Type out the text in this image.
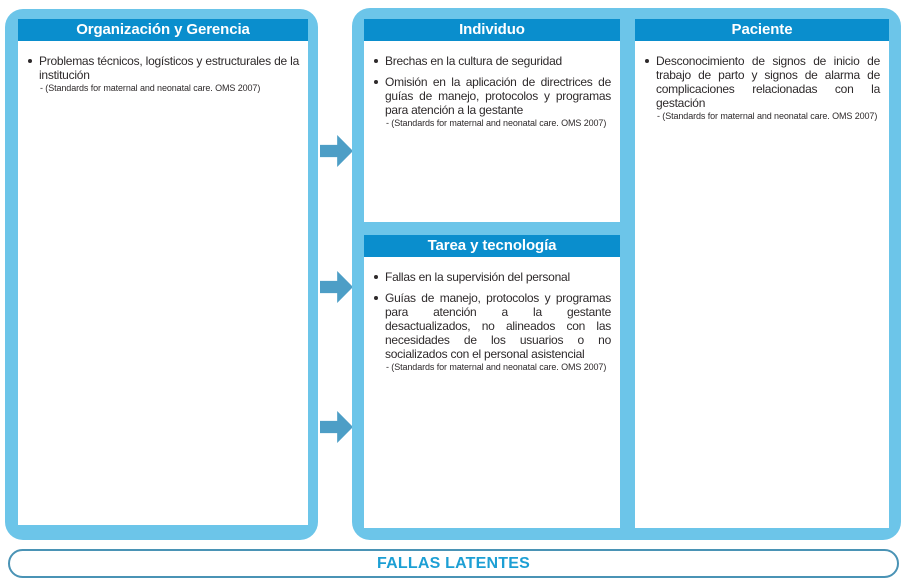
Organización y Gerencia
Problemas técnicos, logísticos y estructurales de la institución
- (Standards for maternal and neonatal care. OMS 2007)
Individuo
Brechas en la cultura de seguridad
Omisión en la aplicación de directrices de guías de manejo, protocolos y programas para atención a la gestante
- (Standards for maternal and neonatal care. OMS 2007)
Tarea y tecnología
Fallas en la supervisión del personal
Guías de manejo, protocolos y programas para atención a la gestante desactualizados, no alineados con las necesidades de los usuarios o no socializados con el personal asistencial
- (Standards for maternal and neonatal care. OMS 2007)
Paciente
Desconocimiento de signos de inicio de trabajo de parto y signos de alarma de complicaciones relacionadas con la gestación
- (Standards for maternal and neonatal care. OMS 2007)
FALLAS LATENTES
